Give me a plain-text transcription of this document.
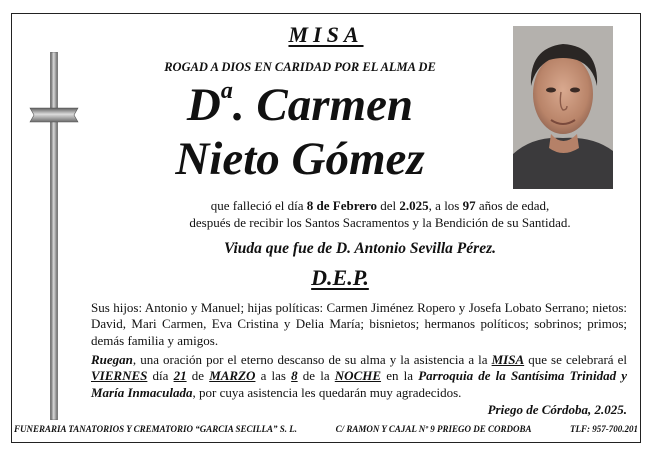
MISA
ROGAD A DIOS EN CARIDAD POR EL ALMA DE
$D^a$. Carmen
Nieto Gómez
que falleció el día 8 de Febrero del 2.025, a los 97 años de edad,
después de recibir los Santos Sacramentos y la Bendición de su Santidad.
Viuda que fue de D. Antonio Sevilla Pérez.
D.E.P.
Sus hijos: Antonio y Manuel; hijas políticas: Carmen Jiménez Ropero y Josefa Lobato Serrano; nietos: David, Mari Carmen, Eva Cristina y Delia María; bisnietos; hermanos políticos; sobrinos; primos; demás familia y amigos.
Ruegan, una oración por el eterno descanso de su alma y la asistencia a la MISA que se celebrará el VIERNES día 21 de MARZO a las 8 de la NOCHE en la Parroquia de la Santísima Trinidad y María Inmaculada, por cuya asistencia les quedarán muy agradecidos.
Priego de Córdoba, 2.025.
FUNERARIA TANATORIOS Y CREMATORIO “GARCIA SECILLA” S. L.	C/ RAMON Y CAJAL Nº 9 PRIEGO DE CORDOBA	TLF: 957-700.201
